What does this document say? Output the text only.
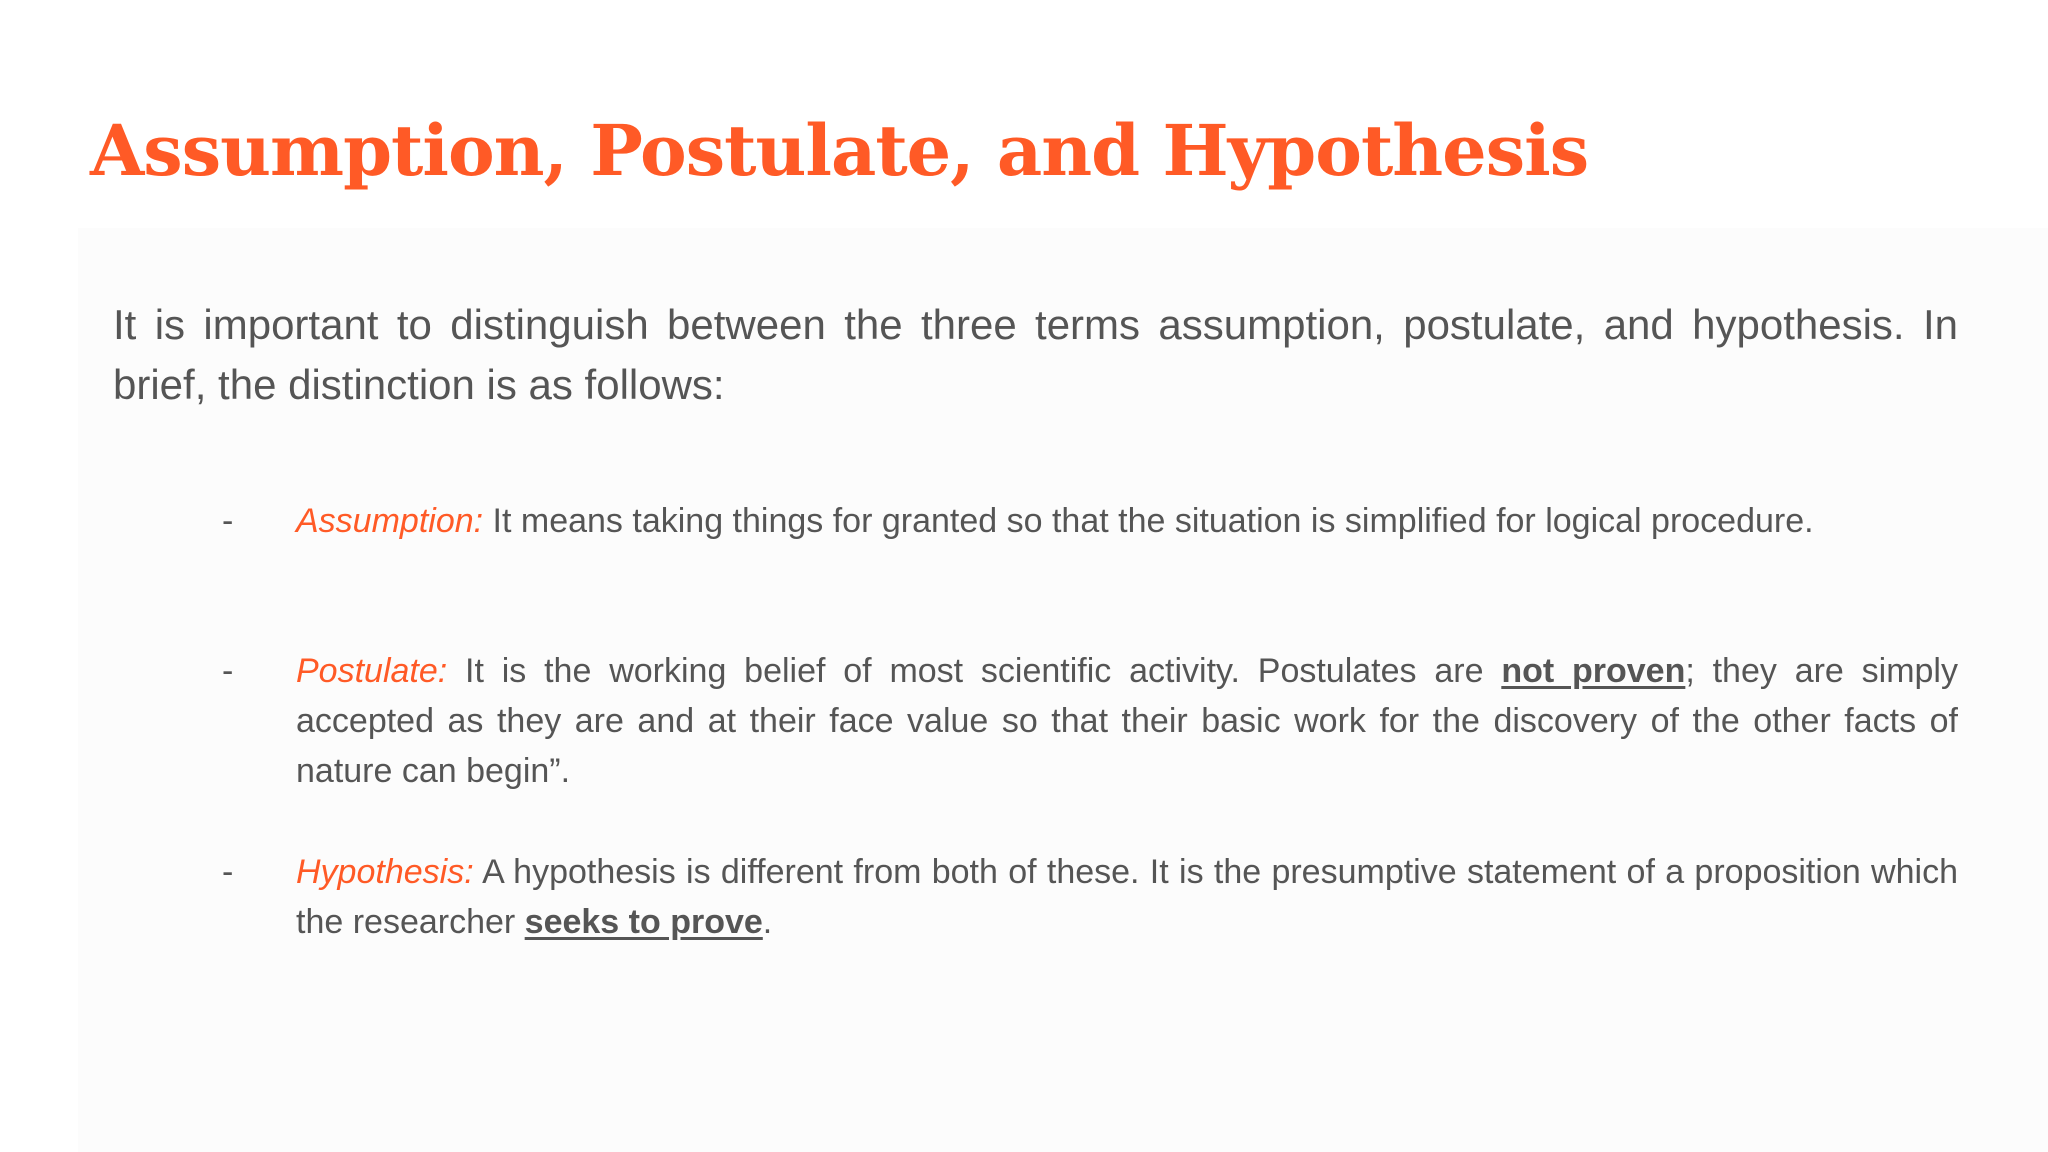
Assumption, Postulate, and Hypothesis

It is important to distinguish between the three terms assumption, postulate, and hypothesis. In brief, the distinction is as follows:

-	Assumption: It means taking things for granted so that the situation is simplified for logical procedure.

-	Postulate: It is the working belief of most scientific activity. Postulates are not proven; they are simply accepted as they are and at their face value so that their basic work for the discovery of the other facts of nature can begin”.

-	Hypothesis: A hypothesis is different from both of these. It is the presumptive statement of a proposition which the researcher seeks to prove.
